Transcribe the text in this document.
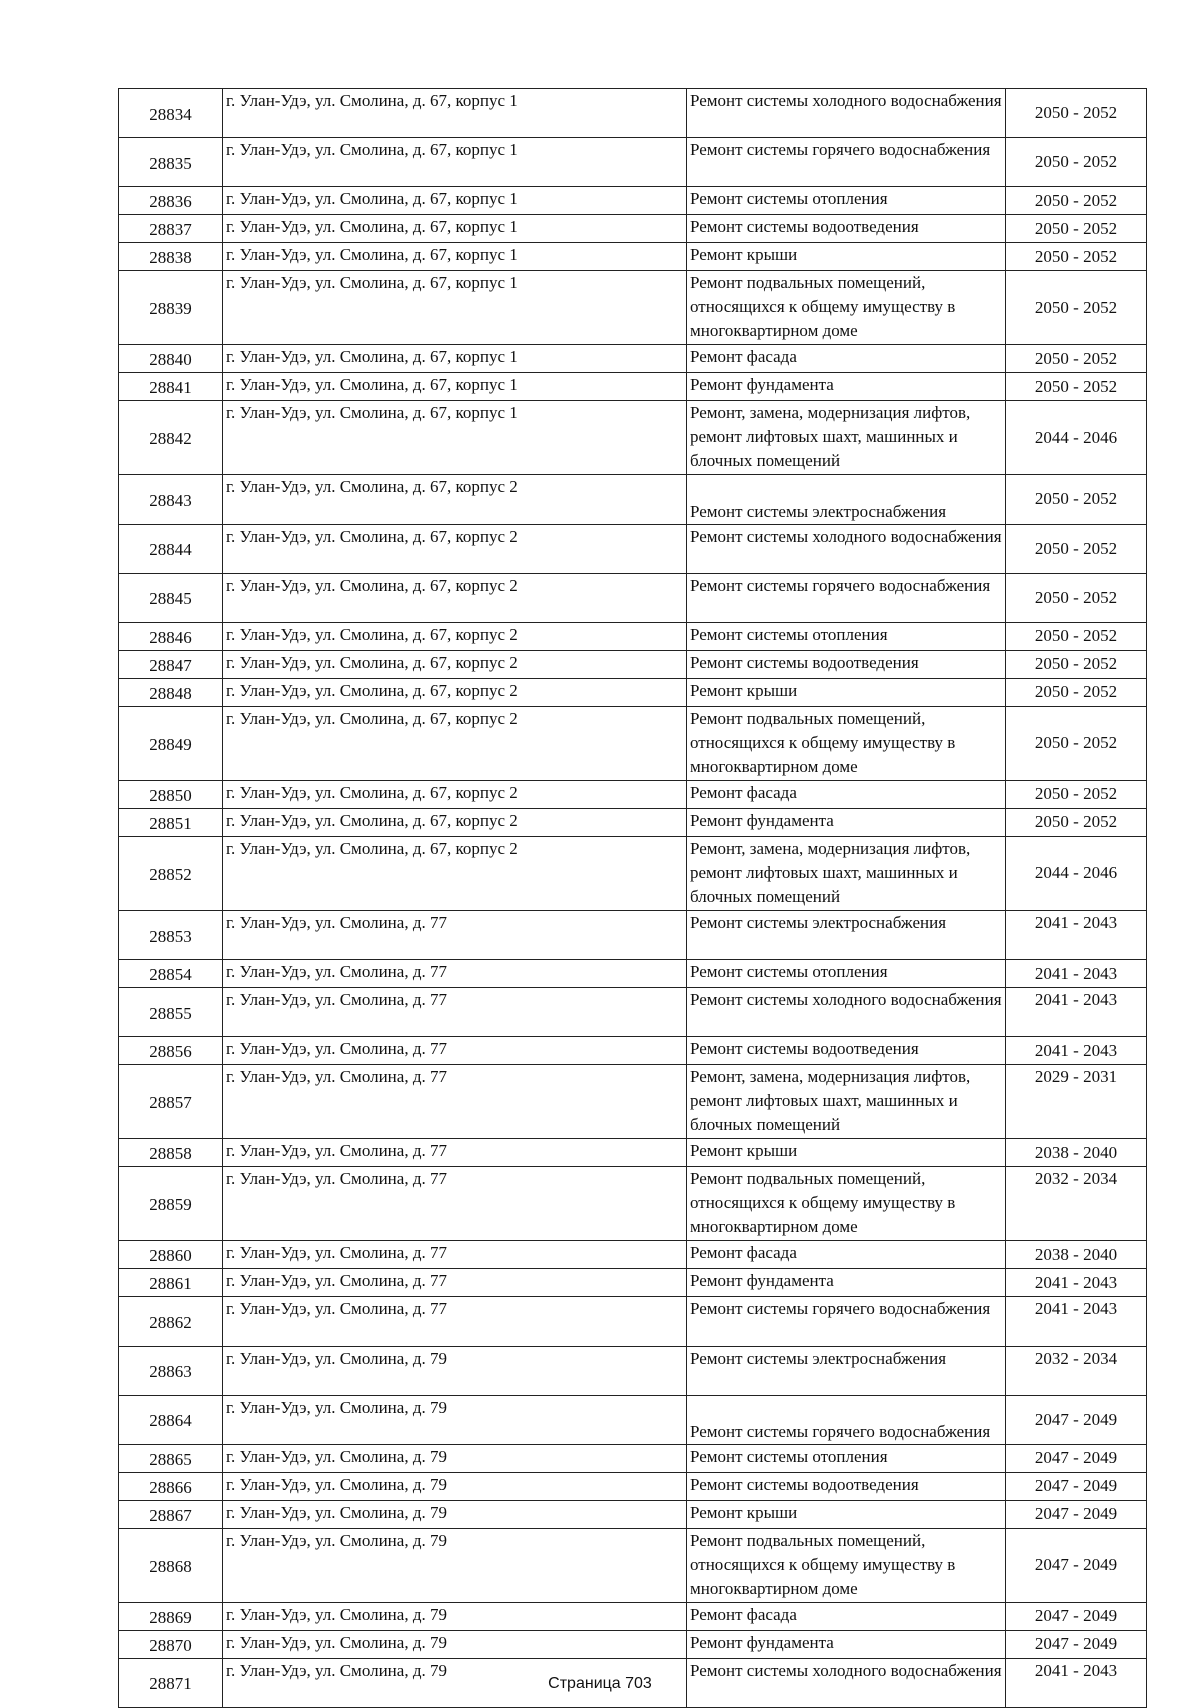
28834	г. Улан-Удэ, ул. Смолина, д. 67, корпус 1	Ремонт системы холодного водоснабжения	2050 - 2052
28835	г. Улан-Удэ, ул. Смолина, д. 67, корпус 1	Ремонт системы горячего водоснабжения	2050 - 2052
28836	г. Улан-Удэ, ул. Смолина, д. 67, корпус 1	Ремонт системы отопления	2050 - 2052
28837	г. Улан-Удэ, ул. Смолина, д. 67, корпус 1	Ремонт системы водоотведения	2050 - 2052
28838	г. Улан-Удэ, ул. Смолина, д. 67, корпус 1	Ремонт крыши	2050 - 2052
28839	г. Улан-Удэ, ул. Смолина, д. 67, корпус 1	Ремонт подвальных помещений, относящихся к общему имуществу в многоквартирном доме	2050 - 2052
28840	г. Улан-Удэ, ул. Смолина, д. 67, корпус 1	Ремонт фасада	2050 - 2052
28841	г. Улан-Удэ, ул. Смолина, д. 67, корпус 1	Ремонт фундамента	2050 - 2052
28842	г. Улан-Удэ, ул. Смолина, д. 67, корпус 1	Ремонт, замена, модернизация лифтов, ремонт лифтовых шахт, машинных и блочных помещений	2044 - 2046
28843	г. Улан-Удэ, ул. Смолина, д. 67, корпус 2	Ремонт системы электроснабжения	2050 - 2052
28844	г. Улан-Удэ, ул. Смолина, д. 67, корпус 2	Ремонт системы холодного водоснабжения	2050 - 2052
28845	г. Улан-Удэ, ул. Смолина, д. 67, корпус 2	Ремонт системы горячего водоснабжения	2050 - 2052
28846	г. Улан-Удэ, ул. Смолина, д. 67, корпус 2	Ремонт системы отопления	2050 - 2052
28847	г. Улан-Удэ, ул. Смолина, д. 67, корпус 2	Ремонт системы водоотведения	2050 - 2052
28848	г. Улан-Удэ, ул. Смолина, д. 67, корпус 2	Ремонт крыши	2050 - 2052
28849	г. Улан-Удэ, ул. Смолина, д. 67, корпус 2	Ремонт подвальных помещений, относящихся к общему имуществу в многоквартирном доме	2050 - 2052
28850	г. Улан-Удэ, ул. Смолина, д. 67, корпус 2	Ремонт фасада	2050 - 2052
28851	г. Улан-Удэ, ул. Смолина, д. 67, корпус 2	Ремонт фундамента	2050 - 2052
28852	г. Улан-Удэ, ул. Смолина, д. 67, корпус 2	Ремонт, замена, модернизация лифтов, ремонт лифтовых шахт, машинных и блочных помещений	2044 - 2046
28853	г. Улан-Удэ, ул. Смолина, д. 77	Ремонт системы электроснабжения	2041 - 2043
28854	г. Улан-Удэ, ул. Смолина, д. 77	Ремонт системы отопления	2041 - 2043
28855	г. Улан-Удэ, ул. Смолина, д. 77	Ремонт системы холодного водоснабжения	2041 - 2043
28856	г. Улан-Удэ, ул. Смолина, д. 77	Ремонт системы водоотведения	2041 - 2043
28857	г. Улан-Удэ, ул. Смолина, д. 77	Ремонт, замена, модернизация лифтов, ремонт лифтовых шахт, машинных и блочных помещений	2029 - 2031
28858	г. Улан-Удэ, ул. Смолина, д. 77	Ремонт крыши	2038 - 2040
28859	г. Улан-Удэ, ул. Смолина, д. 77	Ремонт подвальных помещений, относящихся к общему имуществу в многоквартирном доме	2032 - 2034
28860	г. Улан-Удэ, ул. Смолина, д. 77	Ремонт фасада	2038 - 2040
28861	г. Улан-Удэ, ул. Смолина, д. 77	Ремонт фундамента	2041 - 2043
28862	г. Улан-Удэ, ул. Смолина, д. 77	Ремонт системы горячего водоснабжения	2041 - 2043
28863	г. Улан-Удэ, ул. Смолина, д. 79	Ремонт системы электроснабжения	2032 - 2034
28864	г. Улан-Удэ, ул. Смолина, д. 79	Ремонт системы горячего водоснабжения	2047 - 2049
28865	г. Улан-Удэ, ул. Смолина, д. 79	Ремонт системы отопления	2047 - 2049
28866	г. Улан-Удэ, ул. Смолина, д. 79	Ремонт системы водоотведения	2047 - 2049
28867	г. Улан-Удэ, ул. Смолина, д. 79	Ремонт крыши	2047 - 2049
28868	г. Улан-Удэ, ул. Смолина, д. 79	Ремонт подвальных помещений, относящихся к общему имуществу в многоквартирном доме	2047 - 2049
28869	г. Улан-Удэ, ул. Смолина, д. 79	Ремонт фасада	2047 - 2049
28870	г. Улан-Удэ, ул. Смолина, д. 79	Ремонт фундамента	2047 - 2049
28871	г. Улан-Удэ, ул. Смолина, д. 79	Ремонт системы холодного водоснабжения	2041 - 2043
Страница 703
